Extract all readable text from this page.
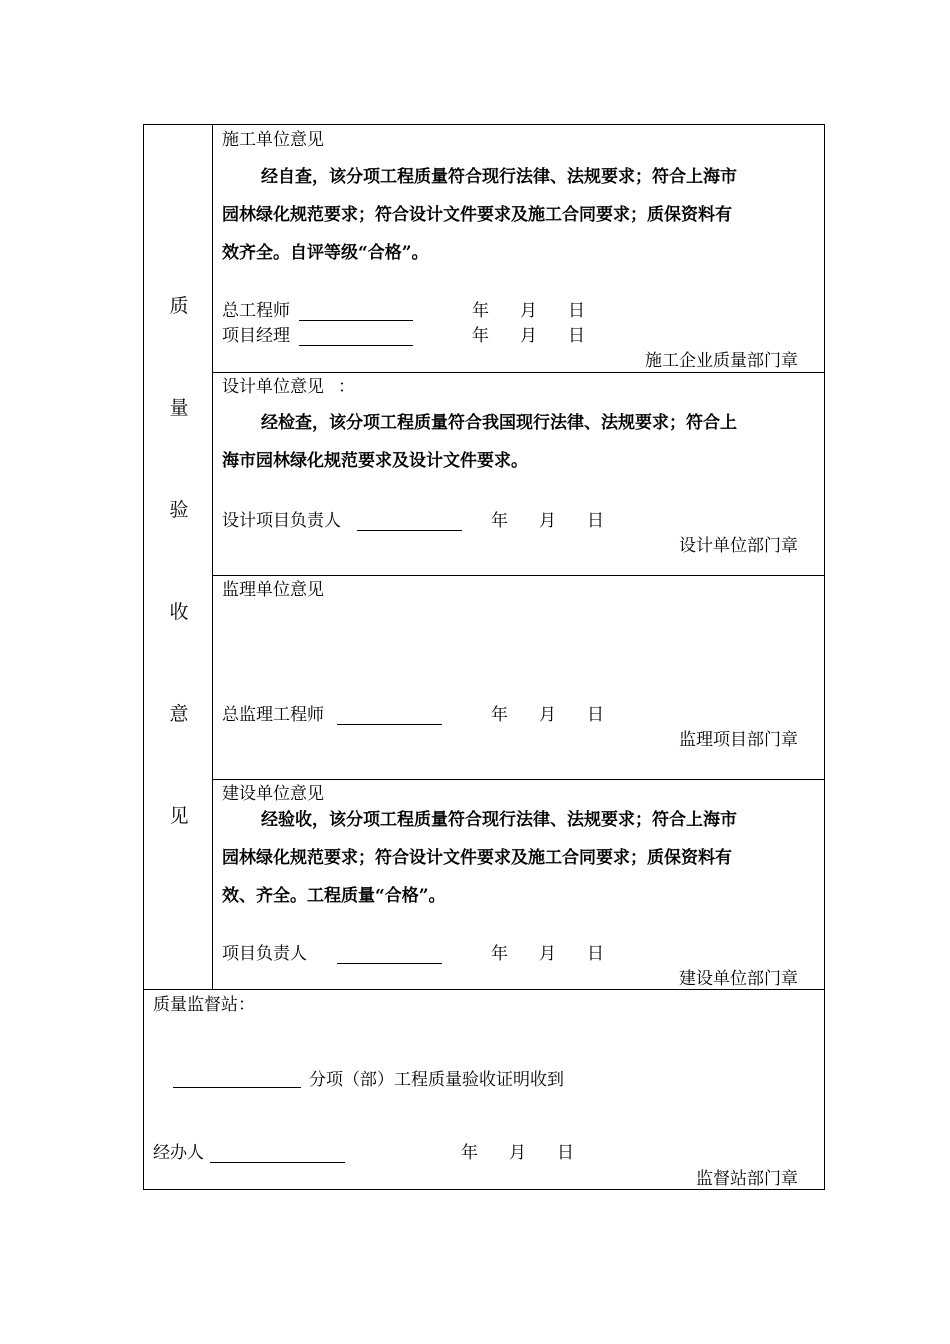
质
量
验
收
意
见
施工单位意见
经自查，该分项工程质量符合现行法律、法规要求；符合上海市
园林绿化规范要求；符合设计文件要求及施工合同要求；质保资料有
效齐全。自评等级“合格”。
总工程师	年 月 日
项目经理	年 月 日
施工企业质量部门章
设计单位意见 ：
经检查，该分项工程质量符合我国现行法律、法规要求；符合上
海市园林绿化规范要求及设计文件要求。
设计项目负责人	年 月 日
设计单位部门章
监理单位意见
总监理工程师	年 月 日
监理项目部门章
建设单位意见
经验收，该分项工程质量符合现行法律、法规要求；符合上海市
园林绿化规范要求；符合设计文件要求及施工合同要求；质保资料有
效、齐全。工程质量“合格”。
项目负责人	年 月 日
建设单位部门章
质量监督站：
分项（部）工程质量验收证明收到
经办人	年 月 日
监督站部门章
